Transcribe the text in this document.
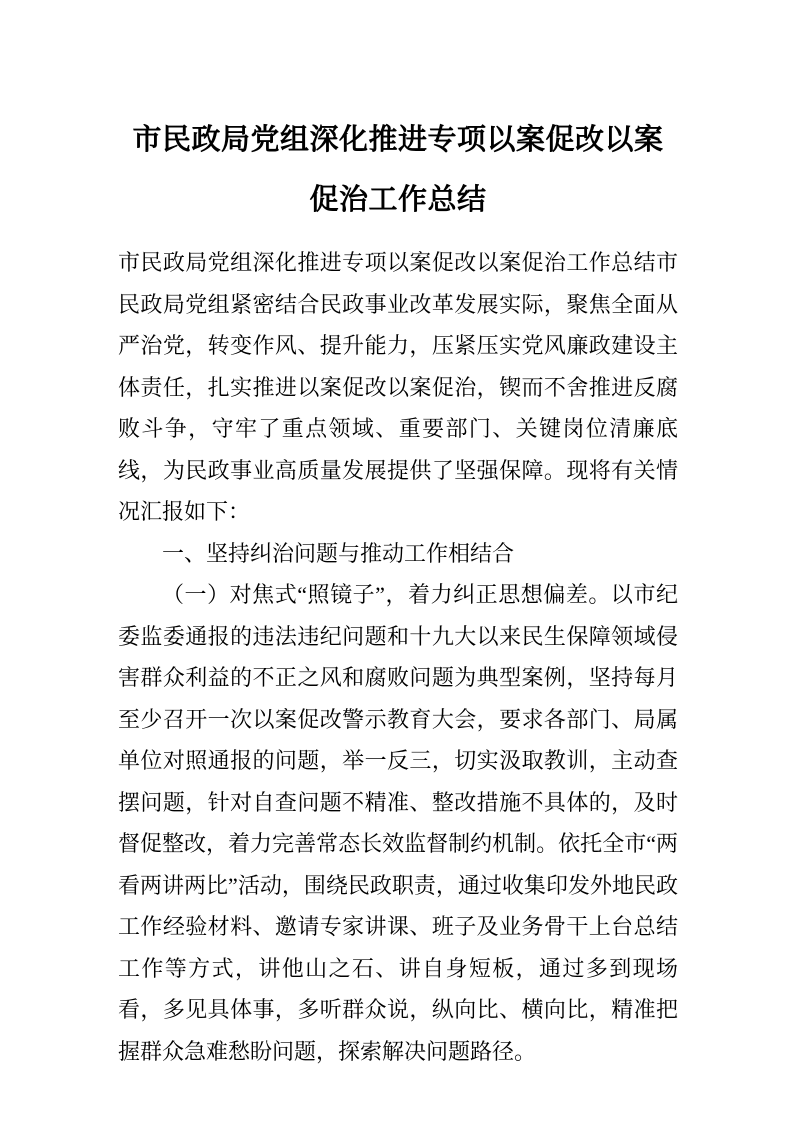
市民政局党组深化推进专项以案促改以案促治工作总结

市民政局党组深化推进专项以案促改以案促治工作总结市民政局党组紧密结合民政事业改革发展实际，聚焦全面从严治党，转变作风、提升能力，压紧压实党风廉政建设主体责任，扎实推进以案促改以案促治，锲而不舍推进反腐败斗争，守牢了重点领域、重要部门、关键岗位清廉底线，为民政事业高质量发展提供了坚强保障。现将有关情况汇报如下：

一、坚持纠治问题与推动工作相结合

（一）对焦式“照镜子”，着力纠正思想偏差。以市纪委监委通报的违法违纪问题和十九大以来民生保障领域侵害群众利益的不正之风和腐败问题为典型案例，坚持每月至少召开一次以案促改警示教育大会，要求各部门、局属单位对照通报的问题，举一反三，切实汲取教训，主动查摆问题，针对自查问题不精准、整改措施不具体的，及时督促整改，着力完善常态长效监督制约机制。依托全市“两看两讲两比”活动，围绕民政职责，通过收集印发外地民政工作经验材料、邀请专家讲课、班子及业务骨干上台总结工作等方式，讲他山之石、讲自身短板，通过多到现场看，多见具体事，多听群众说，纵向比、横向比，精准把握群众急难愁盼问题，探索解决问题路径。
